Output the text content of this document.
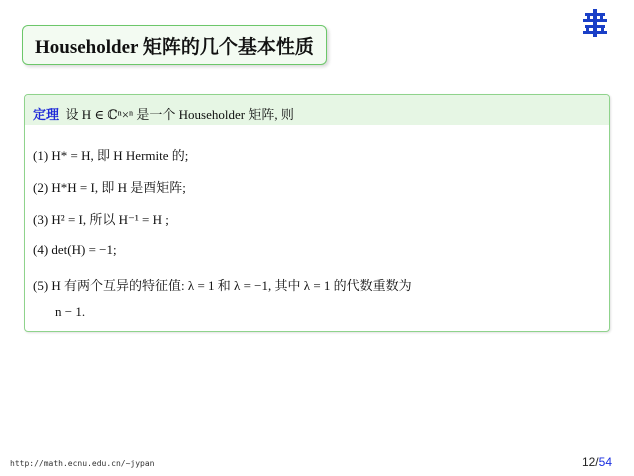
Householder 矩阵的几个基本性质
定理 设 H ∈ ℂⁿ×ⁿ 是一个 Householder 矩阵, 则
(1) H* = H, 即 H Hermite 的;
(2) H*H = I, 即 H 是酉矩阵;
(3) H² = I, 所以 H⁻¹ = H ;
(4) det(H) = −1;
(5) H 有两个互异的特征值: λ = 1 和 λ = −1, 其中 λ = 1 的代数重数为
n − 1.
http://math.ecnu.edu.cn/~jypan	12/54
